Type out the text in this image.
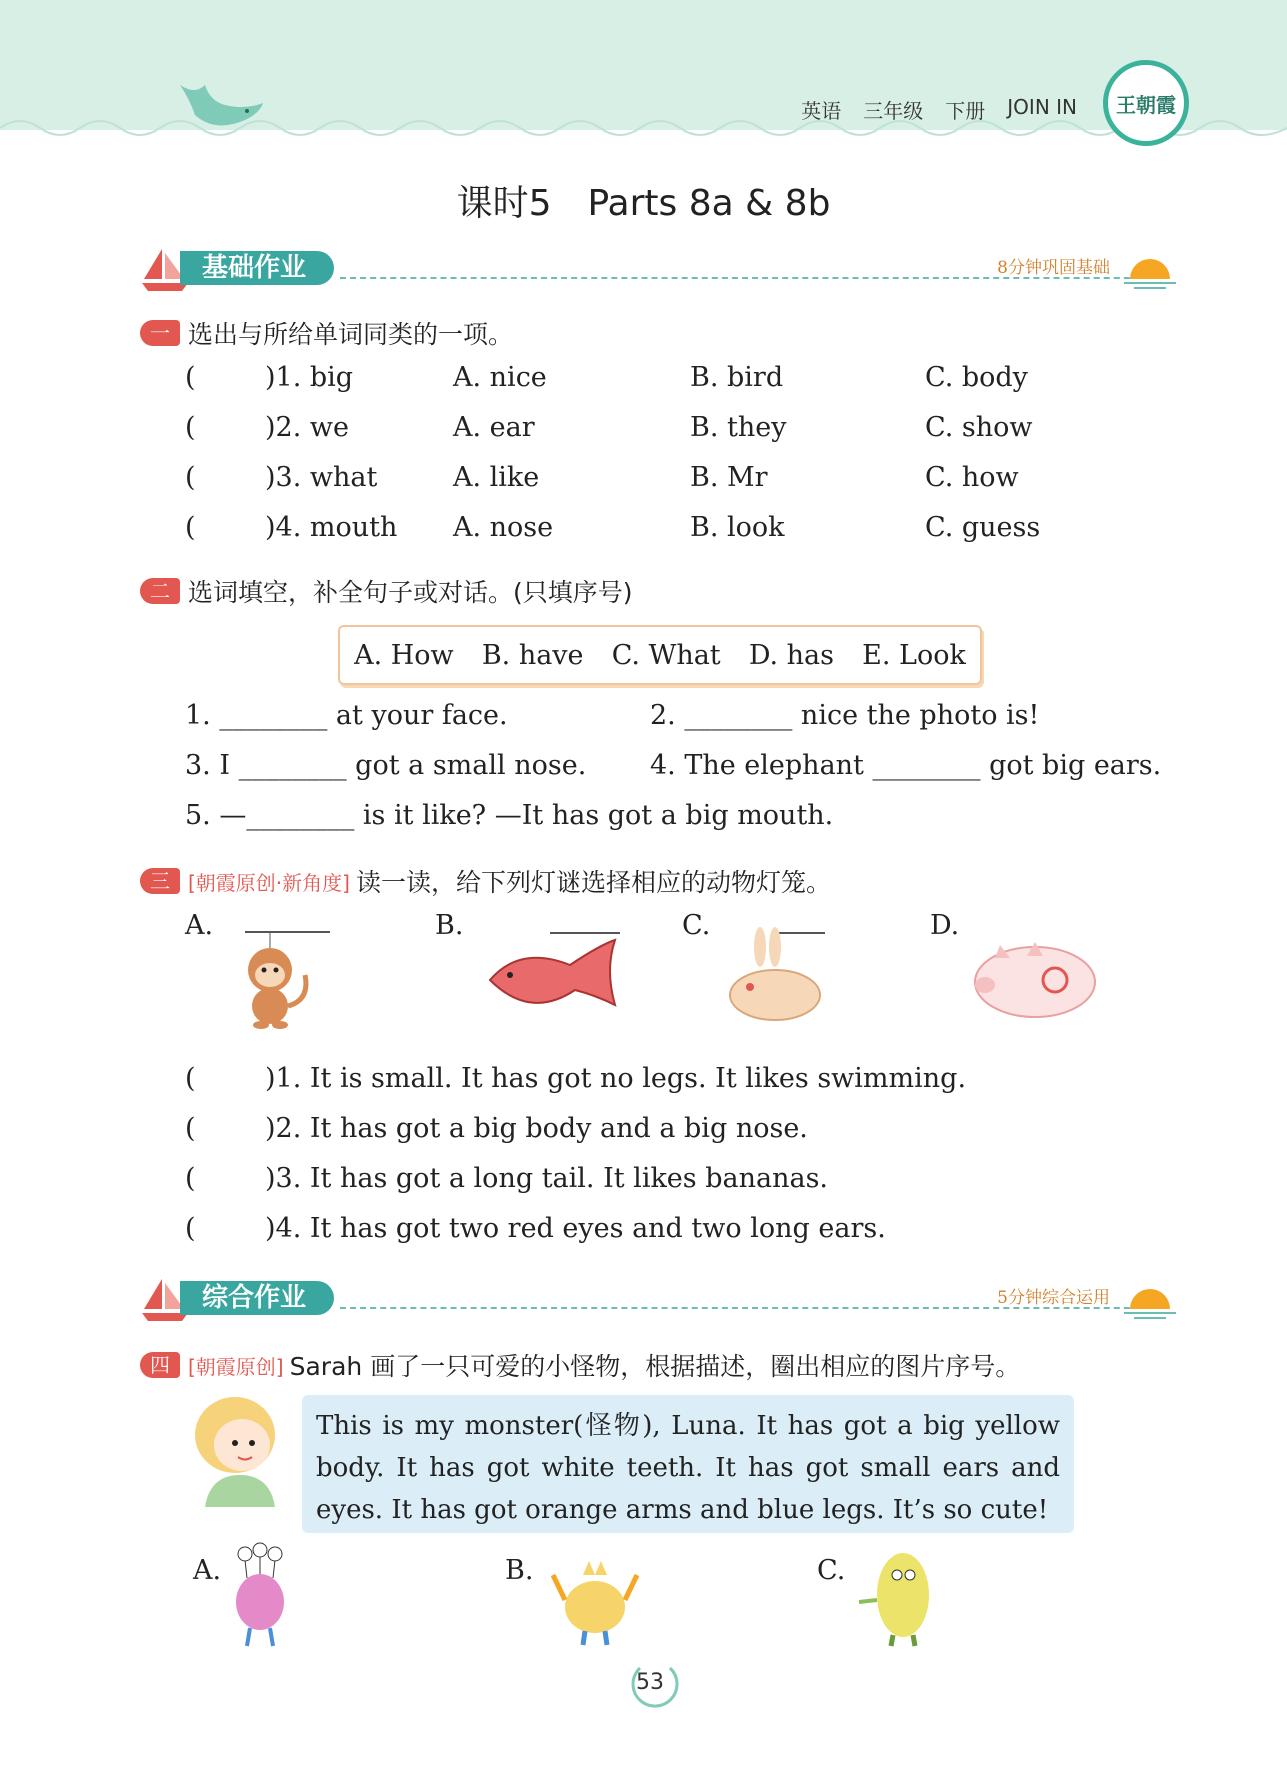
英语 三年级 下册 JOIN IN 王朝霞
课时5　Parts 8a & 8b
基础作业	8分钟巩固基础
一 选出与所给单词同类的一项。
(	)1. big	A. nice	B. bird	C. body
(	)2. we	A. ear	B. they	C. show
(	)3. what	A. like	B. Mr	C. how
(	)4. mouth A. nose	B. look	C. guess
二 选词填空，补全句子或对话。(只填序号)
A. How B. have C. What D. has E. Look
1. ________ at your face.	2. ________ nice the photo is!
3. I ________ got a small nose. 4. The elephant ________ got big ears.
5. —________ is it like? —It has got a big mouth.
三 [朝霞原创·新角度] 读一读，给下列灯谜选择相应的动物灯笼。
A.	B.	C.	D.
(	)1. It is small. It has got no legs. It likes swimming.
(	)2. It has got a big body and a big nose.
(	)3. It has got a long tail. It likes bananas.
(	)4. It has got two red eyes and two long ears.
综合作业	5分钟综合运用
四 [朝霞原创] Sarah 画了一只可爱的小怪物，根据描述，圈出相应的图片序号。
This is my monster(怪物), Luna. It has got a big yellow body. It has got white teeth. It has got small ears and eyes. It has got orange arms and blue legs. It’s so cute!
A.	B.	C.
53
